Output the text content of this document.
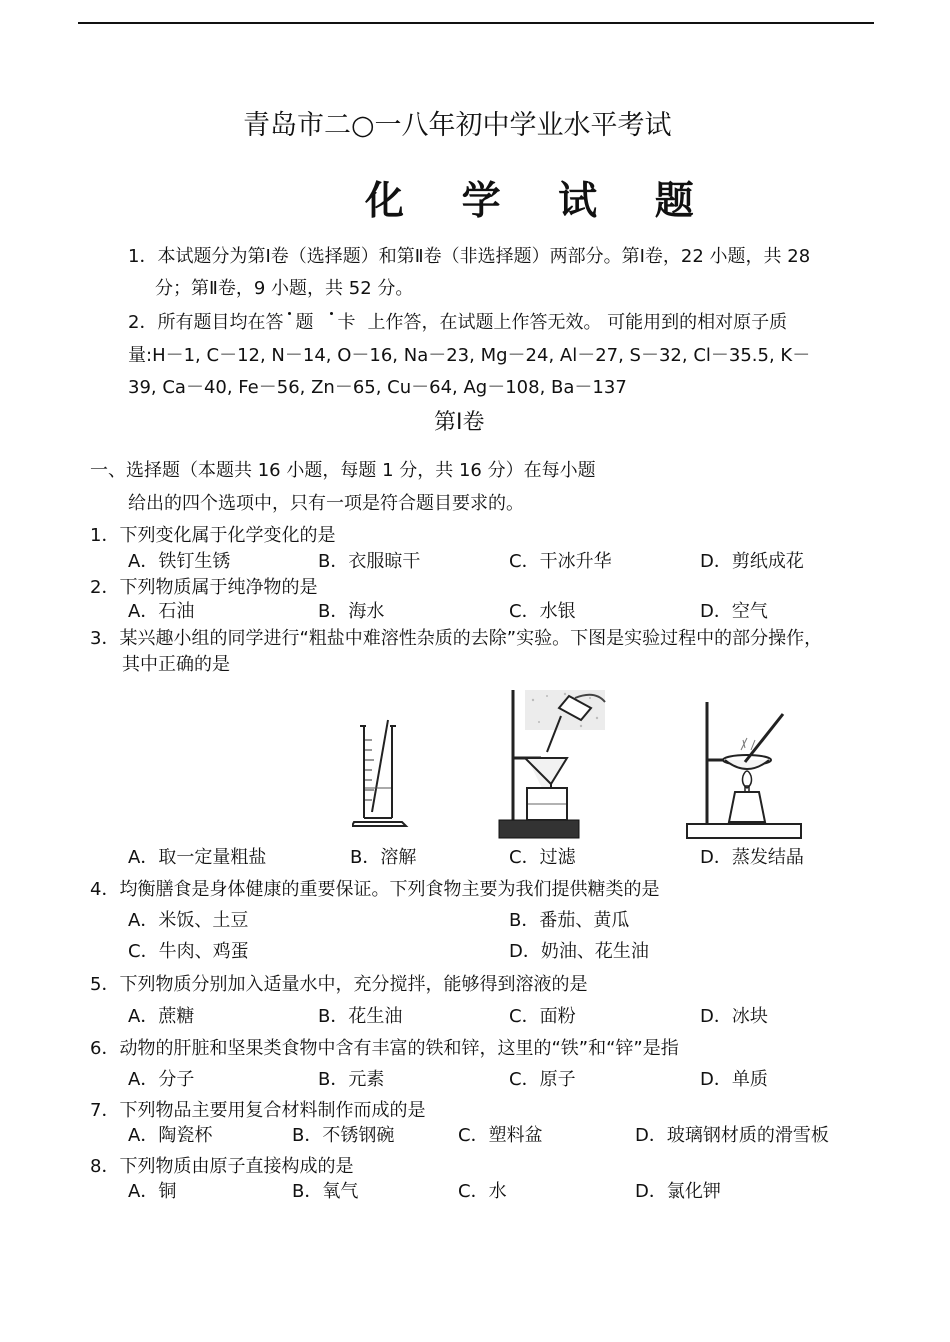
青岛市二○一八年初中学业水平考试
化 学 试 题
1．本试题分为第Ⅰ卷（选择题）和第Ⅱ卷（非选择题）两部分。第Ⅰ卷，22 小题，共 28
分；第Ⅱ卷，9 小题，共 52 分。
2．所有题目均在答 题 卡 上作答，在试题上作答无效。 可能用到的相对原子质
量:H－1, C－12, N－14, O－16, Na－23, Mg－24, Al－27, S－32, Cl－35.5, K－
39, Ca－40, Fe－56, Zn－65, Cu－64, Ag－108, Ba－137
第Ⅰ卷
一、选择题（本题共 16 小题，每题 1 分，共 16 分）在每小题
给出的四个选项中，只有一项是符合题目要求的。
1．下列变化属于化学变化的是
A．铁钉生锈	B．衣服晾干	C．干冰升华	D．剪纸成花
2．下列物质属于纯净物的是
A．石油	B．海水	C．水银	D．空气
3．某兴趣小组的同学进行“粗盐中难溶性杂质的去除”实验。下图是实验过程中的部分操作，
其中正确的是
A．取一定量粗盐	B．溶解	C．过滤	D．蒸发结晶
4．均衡膳食是身体健康的重要保证。下列食物主要为我们提供糖类的是
A．米饭、土豆	B．番茄、黄瓜
C．牛肉、鸡蛋	D．奶油、花生油
5．下列物质分别加入适量水中，充分搅拌，能够得到溶液的是
A．蔗糖	B．花生油	C．面粉	D．冰块
6．动物的肝脏和坚果类食物中含有丰富的铁和锌，这里的“铁”和“锌”是指
A．分子	B．元素	C．原子	D．单质
7．下列物品主要用复合材料制作而成的是
A．陶瓷杯	B．不锈钢碗	C．塑料盆	D．玻璃钢材质的滑雪板
8．下列物质由原子直接构成的是
A．铜	B．氧气	C．水	D．氯化钾
